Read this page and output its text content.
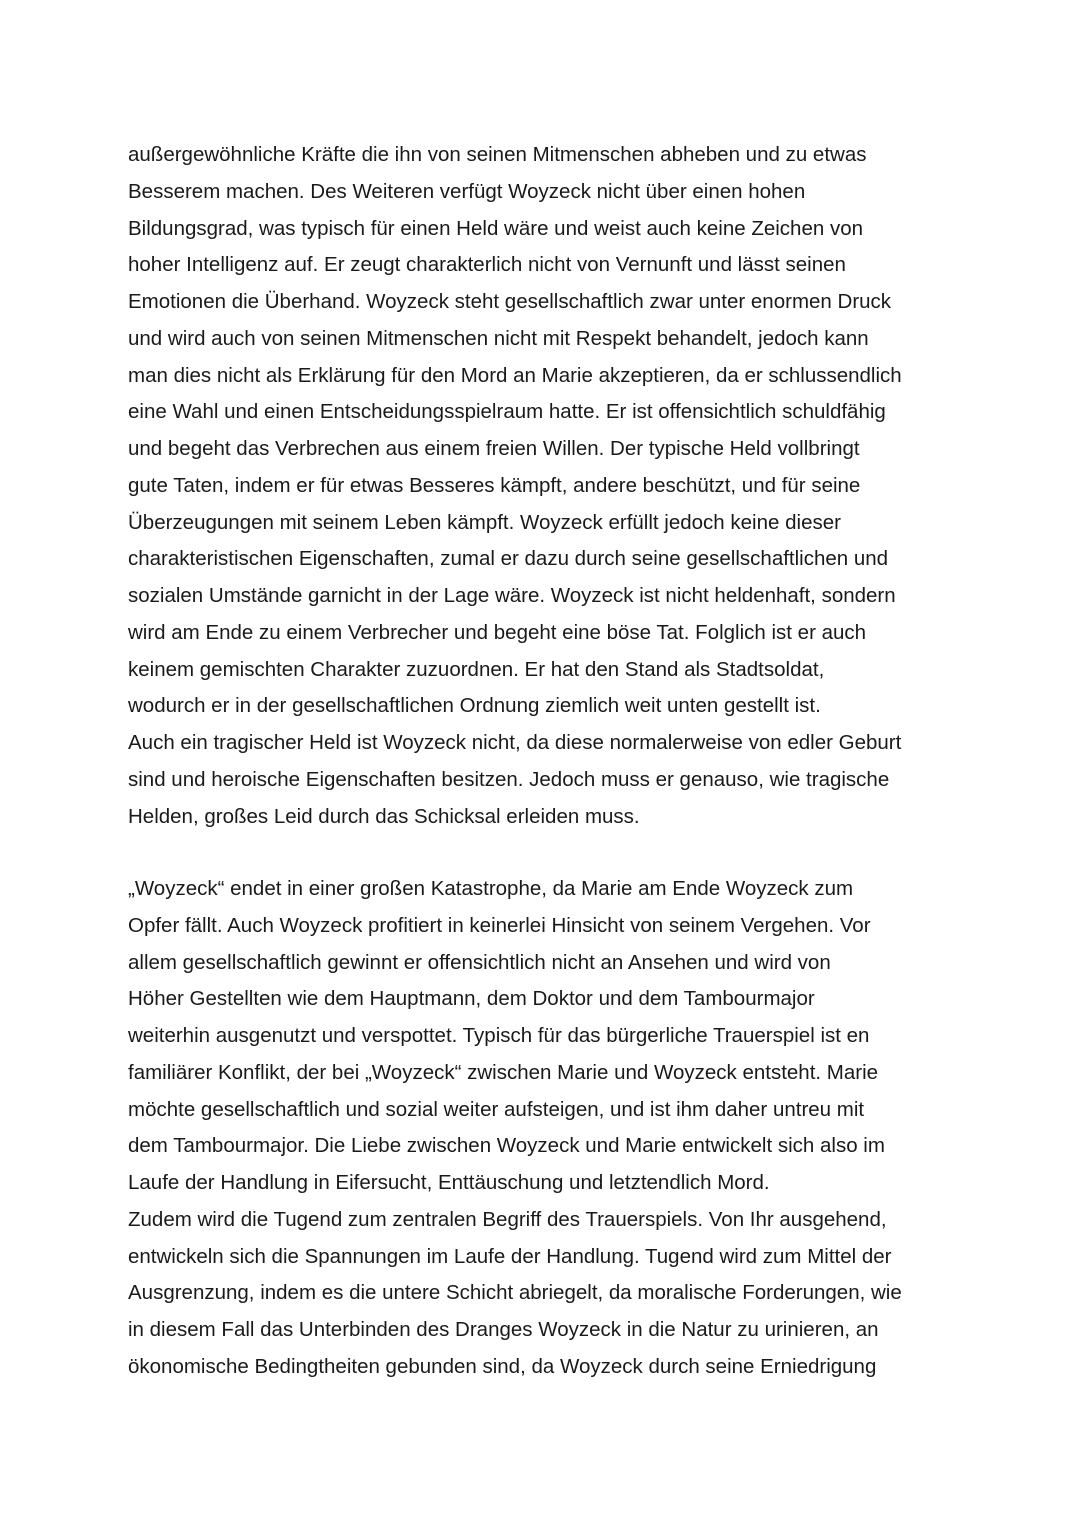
außergewöhnliche Kräfte die ihn von seinen Mitmenschen abheben und zu etwas
Besserem machen. Des Weiteren verfügt Woyzeck nicht über einen hohen
Bildungsgrad, was typisch für einen Held wäre und weist auch keine Zeichen von
hoher Intelligenz auf. Er zeugt charakterlich nicht von Vernunft und lässt seinen
Emotionen die Überhand. Woyzeck steht gesellschaftlich zwar unter enormen Druck
und wird auch von seinen Mitmenschen nicht mit Respekt behandelt, jedoch kann
man dies nicht als Erklärung für den Mord an Marie akzeptieren, da er schlussendlich
eine Wahl und einen Entscheidungsspielraum hatte. Er ist offensichtlich schuldfähig
und begeht das Verbrechen aus einem freien Willen. Der typische Held vollbringt
gute Taten, indem er für etwas Besseres kämpft, andere beschützt, und für seine
Überzeugungen mit seinem Leben kämpft. Woyzeck erfüllt jedoch keine dieser
charakteristischen Eigenschaften, zumal er dazu durch seine gesellschaftlichen und
sozialen Umstände garnicht in der Lage wäre. Woyzeck ist nicht heldenhaft, sondern
wird am Ende zu einem Verbrecher und begeht eine böse Tat. Folglich ist er auch
keinem gemischten Charakter zuzuordnen. Er hat den Stand als Stadtsoldat,
wodurch er in der gesellschaftlichen Ordnung ziemlich weit unten gestellt ist.
Auch ein tragischer Held ist Woyzeck nicht, da diese normalerweise von edler Geburt
sind und heroische Eigenschaften besitzen. Jedoch muss er genauso, wie tragische
Helden, großes Leid durch das Schicksal erleiden muss.
„Woyzeck“ endet in einer großen Katastrophe, da Marie am Ende Woyzeck zum
Opfer fällt. Auch Woyzeck profitiert in keinerlei Hinsicht von seinem Vergehen. Vor
allem gesellschaftlich gewinnt er offensichtlich nicht an Ansehen und wird von
Höher Gestellten wie dem Hauptmann, dem Doktor und dem Tambourmajor
weiterhin ausgenutzt und verspottet. Typisch für das bürgerliche Trauerspiel ist en
familiärer Konflikt, der bei „Woyzeck“ zwischen Marie und Woyzeck entsteht. Marie
möchte gesellschaftlich und sozial weiter aufsteigen, und ist ihm daher untreu mit
dem Tambourmajor. Die Liebe zwischen Woyzeck und Marie entwickelt sich also im
Laufe der Handlung in Eifersucht, Enttäuschung und letztendlich Mord.
Zudem wird die Tugend zum zentralen Begriff des Trauerspiels. Von Ihr ausgehend,
entwickeln sich die Spannungen im Laufe der Handlung. Tugend wird zum Mittel der
Ausgrenzung, indem es die untere Schicht abriegelt, da moralische Forderungen, wie
in diesem Fall das Unterbinden des Dranges Woyzeck in die Natur zu urinieren, an
ökonomische Bedingtheiten gebunden sind, da Woyzeck durch seine Erniedrigung
